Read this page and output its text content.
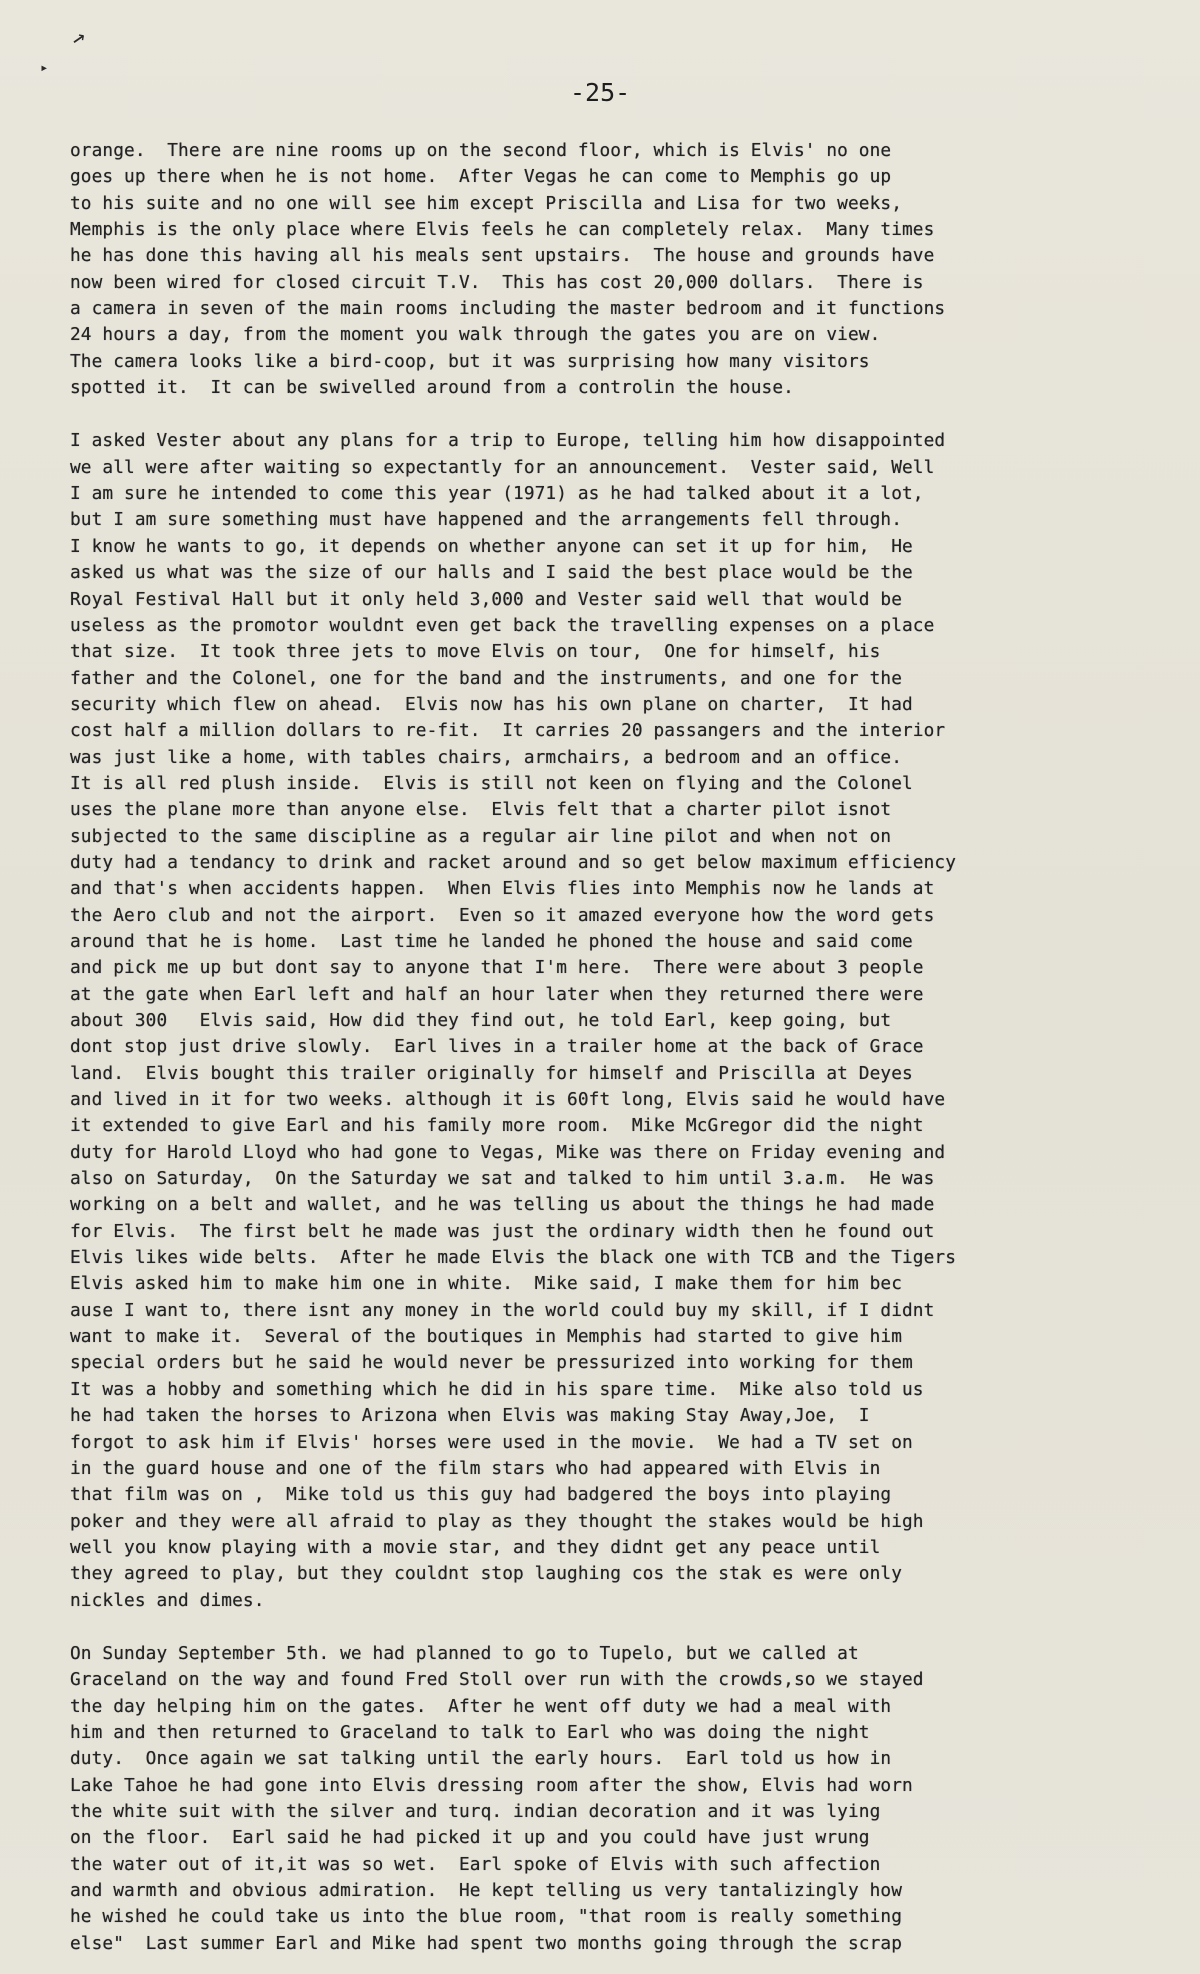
→
▸
-25-
orange.  There are nine rooms up on the second floor, which is Elvis' no one
goes up there when he is not home.  After Vegas he can come to Memphis go up
to his suite and no one will see him except Priscilla and Lisa for two weeks,
Memphis is the only place where Elvis feels he can completely relax.  Many times
he has done this having all his meals sent upstairs.  The house and grounds have
now been wired for closed circuit T.V.  This has cost 20,000 dollars.  There is
a camera in seven of the main rooms including the master bedroom and it functions
24 hours a day, from the moment you walk through the gates you are on view.
The camera looks like a bird-coop, but it was surprising how many visitors
spotted it.  It can be swivelled around from a controlin the house.
I asked Vester about any plans for a trip to Europe, telling him how disappointed
we all were after waiting so expectantly for an announcement.  Vester said, Well
I am sure he intended to come this year (1971) as he had talked about it a lot,
but I am sure something must have happened and the arrangements fell through.
I know he wants to go, it depends on whether anyone can set it up for him,  He
asked us what was the size of our halls and I said the best place would be the
Royal Festival Hall but it only held 3,000 and Vester said well that would be
useless as the promotor wouldnt even get back the travelling expenses on a place
that size.  It took three jets to move Elvis on tour,  One for himself, his
father and the Colonel, one for the band and the instruments, and one for the
security which flew on ahead.  Elvis now has his own plane on charter,  It had
cost half a million dollars to re-fit.  It carries 20 passangers and the interior
was just like a home, with tables chairs, armchairs, a bedroom and an office.
It is all red plush inside.  Elvis is still not keen on flying and the Colonel
uses the plane more than anyone else.  Elvis felt that a charter pilot isnot
subjected to the same discipline as a regular air line pilot and when not on
duty had a tendancy to drink and racket around and so get below maximum efficiency
and that's when accidents happen.  When Elvis flies into Memphis now he lands at
the Aero club and not the airport.  Even so it amazed everyone how the word gets
around that he is home.  Last time he landed he phoned the house and said come
and pick me up but dont say to anyone that I'm here.  There were about 3 people
at the gate when Earl left and half an hour later when they returned there were
about 300   Elvis said, How did they find out, he told Earl, keep going, but
dont stop just drive slowly.  Earl lives in a trailer home at the back of Grace
land.  Elvis bought this trailer originally for himself and Priscilla at Deyes
and lived in it for two weeks. although it is 60ft long, Elvis said he would have
it extended to give Earl and his family more room.  Mike McGregor did the night
duty for Harold Lloyd who had gone to Vegas, Mike was there on Friday evening and
also on Saturday,  On the Saturday we sat and talked to him until 3.a.m.  He was
working on a belt and wallet, and he was telling us about the things he had made
for Elvis.  The first belt he made was just the ordinary width then he found out
Elvis likes wide belts.  After he made Elvis the black one with TCB and the Tigers
Elvis asked him to make him one in white.  Mike said, I make them for him bec
ause I want to, there isnt any money in the world could buy my skill, if I didnt
want to make it.  Several of the boutiques in Memphis had started to give him
special orders but he said he would never be pressurized into working for them
It was a hobby and something which he did in his spare time.  Mike also told us
he had taken the horses to Arizona when Elvis was making Stay Away,Joe,  I
forgot to ask him if Elvis' horses were used in the movie.  We had a TV set on
in the guard house and one of the film stars who had appeared with Elvis in
that film was on ,  Mike told us this guy had badgered the boys into playing
poker and they were all afraid to play as they thought the stakes would be high
well you know playing with a movie star, and they didnt get any peace until
they agreed to play, but they couldnt stop laughing cos the stak es were only
nickles and dimes.
On Sunday September 5th. we had planned to go to Tupelo, but we called at
Graceland on the way and found Fred Stoll over run with the crowds,so we stayed
the day helping him on the gates.  After he went off duty we had a meal with
him and then returned to Graceland to talk to Earl who was doing the night
duty.  Once again we sat talking until the early hours.  Earl told us how in
Lake Tahoe he had gone into Elvis dressing room after the show, Elvis had worn
the white suit with the silver and turq. indian decoration and it was lying
on the floor.  Earl said he had picked it up and you could have just wrung
the water out of it,it was so wet.  Earl spoke of Elvis with such affection
and warmth and obvious admiration.  He kept telling us very tantalizingly how
he wished he could take us into the blue room, "that room is really something
else"  Last summer Earl and Mike had spent two months going through the scrap
